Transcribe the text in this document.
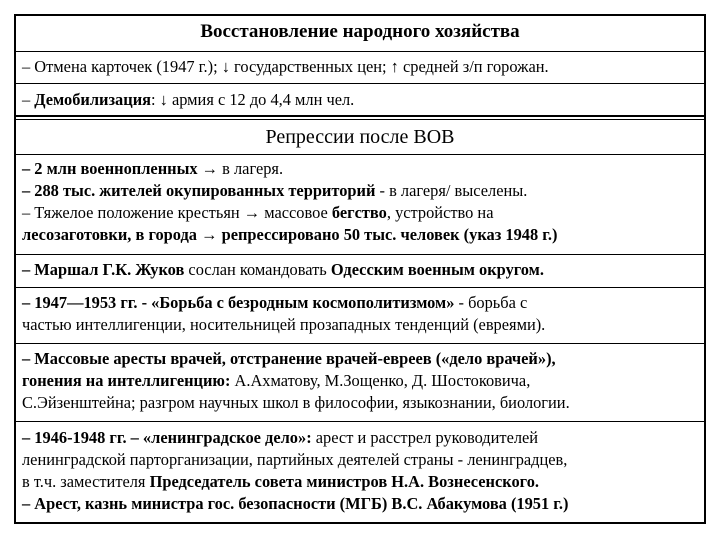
Восстановление народного хозяйства
– Отмена карточек (1947 г.); ↓ государственных цен; ↑ средней з/п горожан.
– Демобилизация: ↓ армия с 12 до 4,4 млн чел.
Репрессии после ВОВ
– 2 млн военнопленных → в лагеря.
– 288 тыс. жителей окупированных территорий - в лагеря/ выселены.
– Тяжелое положение крестьян → массовое бегство, устройство на
лесозаготовки, в города → репрессировано 50 тыс. человек (указ 1948 г.)
– Маршал Г.К. Жуков сослан командовать Одесским военным округом.
– 1947—1953 гг. - «Борьба с безродным космополитизмом» - борьба с
частью интеллигенции, носительницей прозападных тенденций (евреями).
– Массовые аресты врачей, отстранение врачей-евреев («дело врачей»),
гонения на интеллигенцию: А.Ахматову, М.Зощенко, Д. Шостоковича,
С.Эйзенштейна; разгром научных школ в философии, языкознании, биологии.
– 1946-1948 гг. – «ленинградское дело»: арест и расстрел руководителей
ленинградской парторганизации, партийных деятелей страны - ленинградцев,
в т.ч. заместителя Председатель совета министров Н.А. Вознесенского.
– Арест, казнь министра гос. безопасности (МГБ) В.С. Абакумова (1951 г.)
